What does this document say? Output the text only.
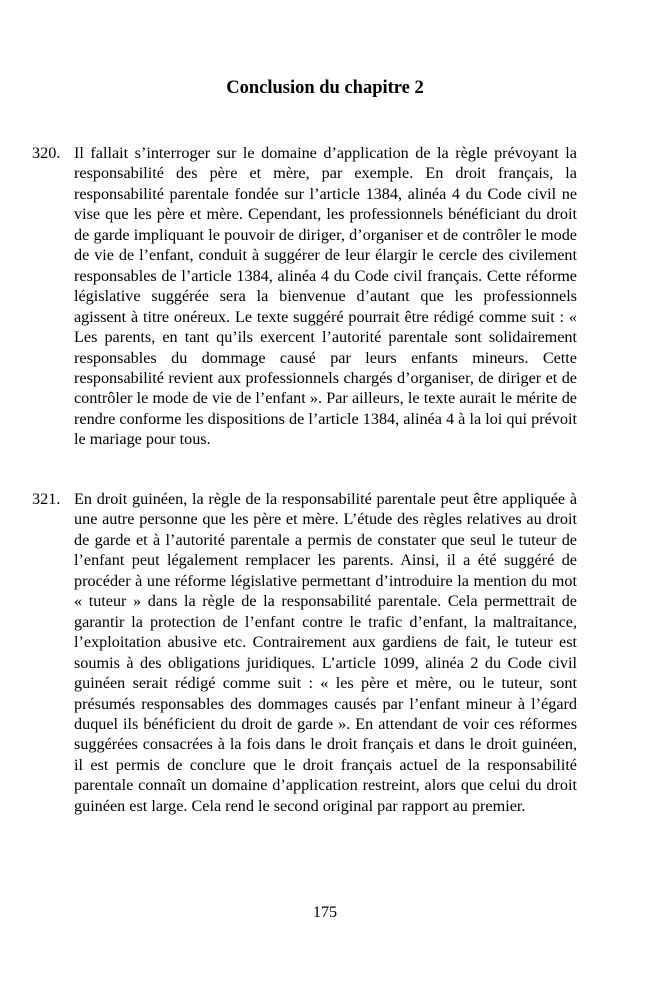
Conclusion du chapitre 2
320. Il fallait s’interroger sur le domaine d’application de la règle prévoyant la responsabilité des père et mère, par exemple. En droit français, la responsabilité parentale fondée sur l’article 1384, alinéa 4 du Code civil ne vise que les père et mère. Cependant, les professionnels bénéficiant du droit de garde impliquant le pouvoir de diriger, d’organiser et de contrôler le mode de vie de l’enfant, conduit à suggérer de leur élargir le cercle des civilement responsables de l’article 1384, alinéa 4 du Code civil français. Cette réforme législative suggérée sera la bienvenue d’autant que les professionnels agissent à titre onéreux. Le texte suggéré pourrait être rédigé comme suit : « Les parents, en tant qu’ils exercent l’autorité parentale sont solidairement responsables du dommage causé par leurs enfants mineurs. Cette responsabilité revient aux professionnels chargés d’organiser, de diriger et de contrôler le mode de vie de l’enfant ». Par ailleurs, le texte aurait le mérite de rendre conforme les dispositions de l’article 1384, alinéa 4 à la loi qui prévoit le mariage pour tous.
321. En droit guinéen, la règle de la responsabilité parentale peut être appliquée à une autre personne que les père et mère. L’étude des règles relatives au droit de garde et à l’autorité parentale a permis de constater que seul le tuteur de l’enfant peut légalement remplacer les parents. Ainsi, il a été suggéré de procéder à une réforme législative permettant d’introduire la mention du mot « tuteur » dans la règle de la responsabilité parentale. Cela permettrait de garantir la protection de l’enfant contre le trafic d’enfant, la maltraitance, l’exploitation abusive etc. Contrairement aux gardiens de fait, le tuteur est soumis à des obligations juridiques. L’article 1099, alinéa 2 du Code civil guinéen serait rédigé comme suit : « les père et mère, ou le tuteur, sont présumés responsables des dommages causés par l’enfant mineur à l’égard duquel ils bénéficient du droit de garde ». En attendant de voir ces réformes suggérées consacrées à la fois dans le droit français et dans le droit guinéen, il est permis de conclure que le droit français actuel de la responsabilité parentale connaît un domaine d’application restreint, alors que celui du droit guinéen est large. Cela rend le second original par rapport au premier.
175
